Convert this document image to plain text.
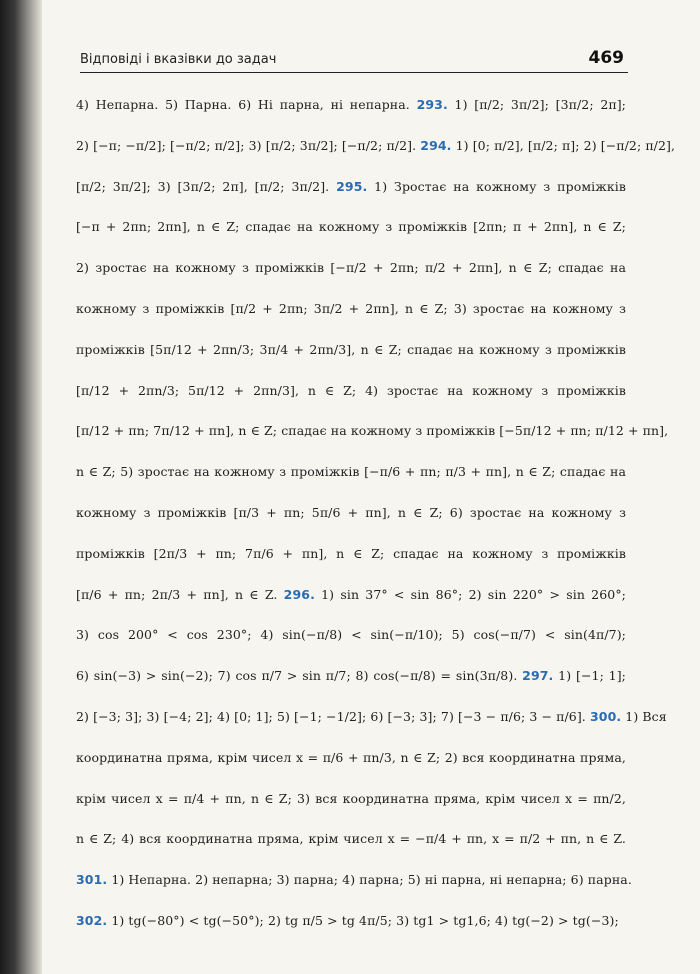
Відповіді і вказівки до задач	469
4) Непарна. 5) Парна. 6) Ні парна, ні непарна. 293. 1) [π/2; 3π/2]; [3π/2; 2π];
2) [−π; −π/2]; [−π/2; π/2]; 3) [π/2; 3π/2]; [−π/2; π/2]. 294. 1) [0; π/2], [π/2; π]; 2) [−π/2; π/2],
[π/2; 3π/2]; 3) [3π/2; 2π], [π/2; 3π/2]. 295. 1) Зростає на кожному з проміжків
[−π + 2πn; 2πn], n ∈ Z; спадає на кожному з проміжків [2πn; π + 2πn], n ∈ Z;
2) зростає на кожному з проміжків [−π/2 + 2πn; π/2 + 2πn], n ∈ Z; спадає на
кожному з проміжків [π/2 + 2πn; 3π/2 + 2πn], n ∈ Z; 3) зростає на кожному з
проміжків [5π/12 + 2πn/3; 3π/4 + 2πn/3], n ∈ Z; спадає на кожному з проміжків
[π/12 + 2πn/3; 5π/12 + 2πn/3], n ∈ Z; 4) зростає на кожному з проміжків
[π/12 + πn; 7π/12 + πn], n ∈ Z; спадає на кожному з проміжків [−5π/12 + πn; π/12 + πn],
n ∈ Z; 5) зростає на кожному з проміжків [−π/6 + πn; π/3 + πn], n ∈ Z; спадає на
кожному з проміжків [π/3 + πn; 5π/6 + πn], n ∈ Z; 6) зростає на кожному з
проміжків [2π/3 + πn; 7π/6 + πn], n ∈ Z; спадає на кожному з проміжків
[π/6 + πn; 2π/3 + πn], n ∈ Z. 296. 1) sin 37° < sin 86°; 2) sin 220° > sin 260°;
3) cos 200° < cos 230°; 4) sin(−π/8) < sin(−π/10); 5) cos(−π/7) < sin(4π/7);
6) sin(−3) > sin(−2); 7) cos π/7 > sin π/7; 8) cos(−π/8) = sin(3π/8). 297. 1) [−1; 1];
2) [−3; 3]; 3) [−4; 2]; 4) [0; 1]; 5) [−1; −1/2]; 6) [−3; 3]; 7) [−3 − π/6; 3 − π/6]. 300. 1) Вся
координатна пряма, крім чисел x = π/6 + πn/3, n ∈ Z; 2) вся координатна пряма,
крім чисел x = π/4 + πn, n ∈ Z; 3) вся координатна пряма, крім чисел x = πn/2,
n ∈ Z; 4) вся координатна пряма, крім чисел x = −π/4 + πn, x = π/2 + πn, n ∈ Z.
301. 1) Непарна. 2) непарна; 3) парна; 4) парна; 5) ні парна, ні непарна; 6) парна.
302. 1) tg(−80°) < tg(−50°); 2) tg π/5 > tg 4π/5; 3) tg1 > tg1,6; 4) tg(−2) > tg(−3);
